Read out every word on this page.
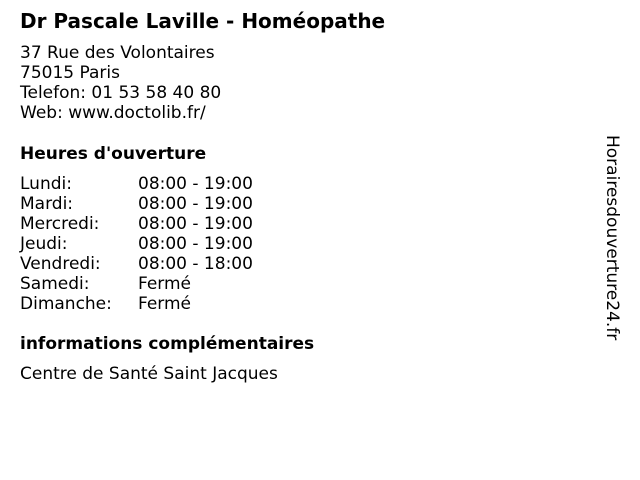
Dr Pascale Laville - Homéopathe
37 Rue des Volontaires
75015 Paris
Telefon: 01 53 58 40 80
Web: www.doctolib.fr/
Heures d'ouverture
Lundi:	08:00 - 19:00
Mardi:	08:00 - 19:00
Mercredi:	08:00 - 19:00
Jeudi:	08:00 - 19:00
Vendredi:	08:00 - 18:00
Samedi:	Fermé
Dimanche:	Fermé
informations complémentaires
Centre de Santé Saint Jacques
Horairesdouverture24.fr
